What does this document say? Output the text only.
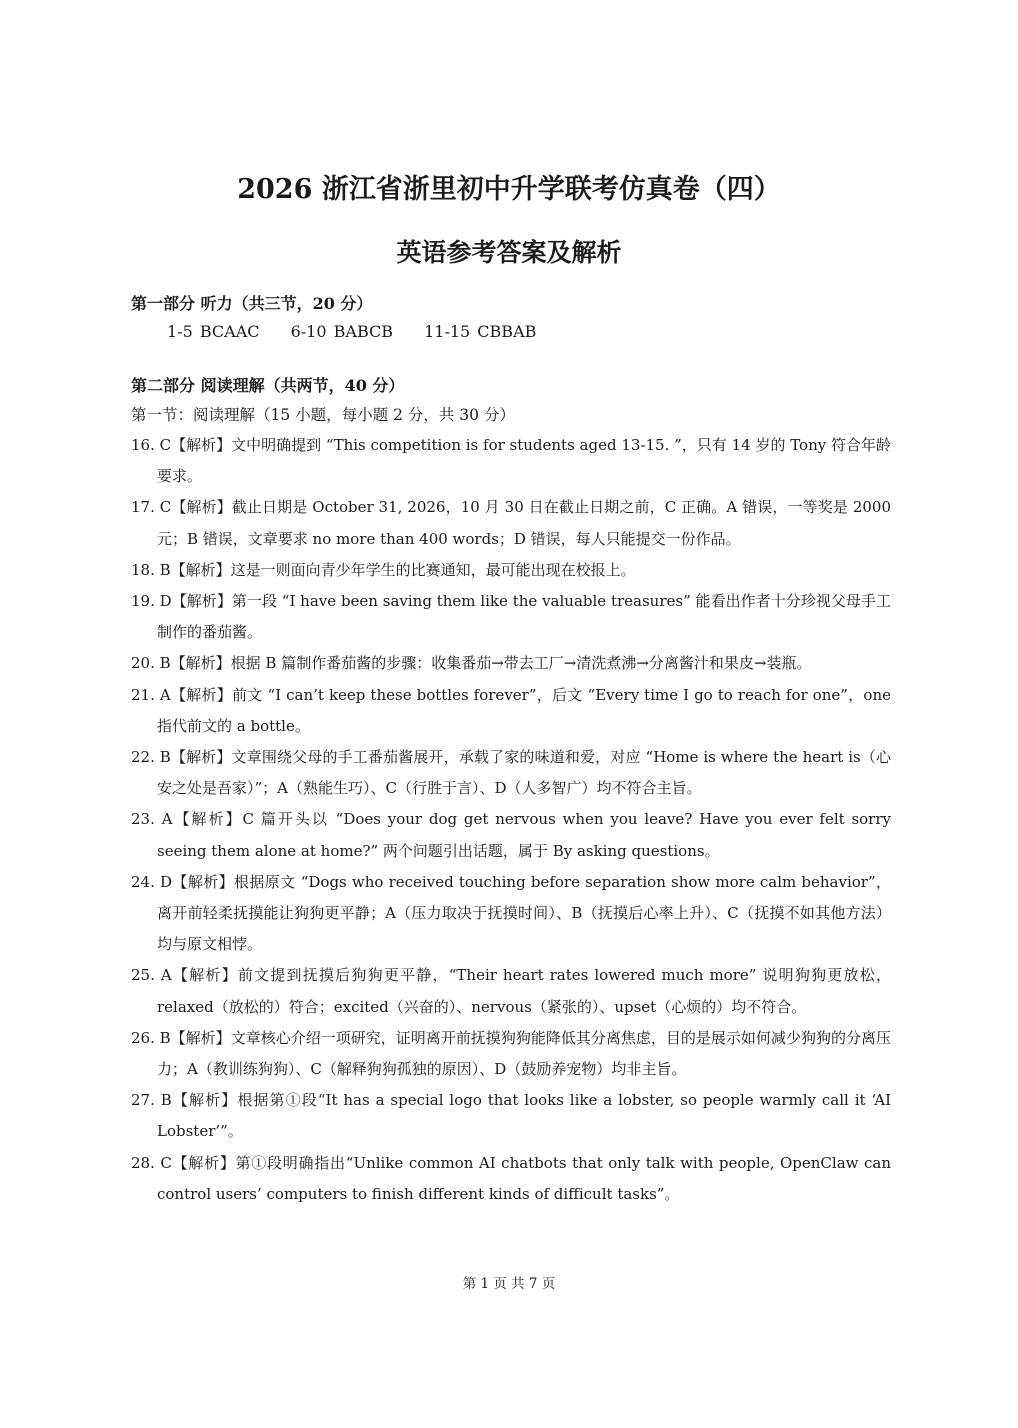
2026 浙江省浙里初中升学联考仿真卷（四）
英语参考答案及解析
第一部分 听力（共三节，20 分）
1-5 BCAAC 6-10 BABCB 11-15 CBBAB
第二部分 阅读理解（共两节，40 分）
第一节：阅读理解（15 小题，每小题 2 分，共 30 分）
16. C【解析】文中明确提到 “This competition is for students aged 13-15. ”，只有 14 岁的 Tony 符合年龄要求。
17. C【解析】截止日期是 October 31, 2026，10 月 30 日在截止日期之前，C 正确。A 错误，一等奖是 2000 元；B 错误，文章要求 no more than 400 words；D 错误，每人只能提交一份作品。
18. B【解析】这是一则面向青少年学生的比赛通知，最可能出现在校报上。
19. D【解析】第一段 “I have been saving them like the valuable treasures” 能看出作者十分珍视父母手工制作的番茄酱。
20. B【解析】根据 B 篇制作番茄酱的步骤：收集番茄→带去工厂→清洗煮沸→分离酱汁和果皮→装瓶。
21. A【解析】前文 “I can’t keep these bottles forever”，后文 “Every time I go to reach for one”，one 指代前文的 a bottle。
22. B【解析】文章围绕父母的手工番茄酱展开，承载了家的味道和爱，对应 “Home is where the heart is（心安之处是吾家）”；A（熟能生巧）、C（行胜于言）、D（人多智广）均不符合主旨。
23. A【解析】C 篇开头以 “Does your dog get nervous when you leave? Have you ever felt sorry seeing them alone at home?” 两个问题引出话题，属于 By asking questions。
24. D【解析】根据原文 “Dogs who received touching before separation show more calm behavior”，离开前轻柔抚摸能让狗狗更平静；A（压力取决于抚摸时间）、B（抚摸后心率上升）、C（抚摸不如其他方法）均与原文相悖。
25. A【解析】前文提到抚摸后狗狗更平静，“Their heart rates lowered much more” 说明狗狗更放松，relaxed（放松的）符合；excited（兴奋的）、nervous（紧张的）、upset（心烦的）均不符合。
26. B【解析】文章核心介绍一项研究，证明离开前抚摸狗狗能降低其分离焦虑，目的是展示如何减少狗狗的分离压力；A（教训练狗狗）、C（解释狗狗孤独的原因）、D（鼓励养宠物）均非主旨。
27. B【解析】根据第①段“It has a special logo that looks like a lobster, so people warmly call it ‘AI Lobster’”。
28. C【解析】第①段明确指出“Unlike common AI chatbots that only talk with people, OpenClaw can control users’ computers to finish different kinds of difficult tasks”。
第 1 页 共 7 页
